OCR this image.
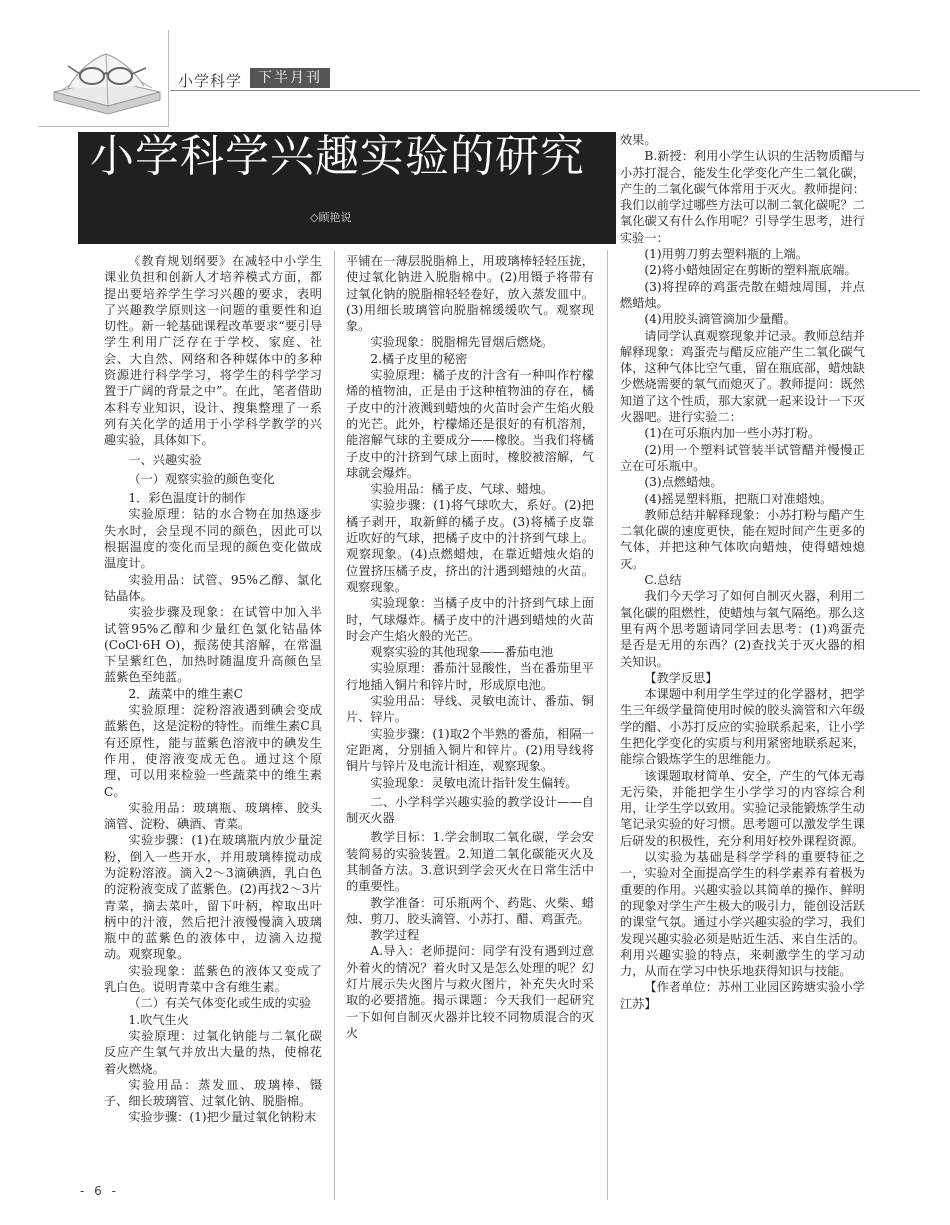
小学科学	下半月刊
小学科学兴趣实验的研究
◇顾艳说

《教育规划纲要》在减轻中小学生课业负担和创新人才培养模式方面，都提出要培养学生学习兴趣的要求，表明了兴趣教学原则这一问题的重要性和迫切性。新一轮基础课程改革要求“要引导学生利用广泛存在于学校、家庭、社会、大自然、网络和各种媒体中的多种资源进行科学学习，将学生的科学学习置于广阔的背景之中”。在此，笔者借助本科专业知识，设计、搜集整理了一系列有关化学的适用于小学科学教学的兴趣实验，具体如下。

一、兴趣实验

（一）观察实验的颜色变化

1．彩色温度计的制作

实验原理：钴的水合物在加热逐步失水时，会呈现不同的颜色，因此可以根据温度的变化而呈现的颜色变化做成温度计。

实验用品：试管、95%乙醇、氯化钴晶体。

实验步骤及现象：在试管中加入半试管95%乙醇和少量红色氯化钴晶体(CoCl·6H O)，振荡使其溶解，在常温下呈紫红色，加热时随温度升高颜色呈蓝紫色至纯蓝。

2．蔬菜中的维生素C

实验原理：淀粉溶液遇到碘会变成蓝紫色，这是淀粉的特性。而维生素C具有还原性，能与蓝紫色溶液中的碘发生作用，使溶液变成无色。通过这个原理，可以用来检验一些蔬菜中的维生素C。

实验用品：玻璃瓶、玻璃棒、胶头滴管、淀粉、碘酒、青菜。

实验步骤：(1)在玻璃瓶内放少量淀粉，倒入一些开水，并用玻璃棒搅动成为淀粉溶液。滴入2～3滴碘酒，乳白色的淀粉液变成了蓝紫色。(2)再找2～3片青菜，摘去菜叶，留下叶柄，榨取出叶柄中的汁液，然后把汁液慢慢滴入玻璃瓶中的蓝紫色的液体中，边滴入边搅动。观察现象。

实验现象：蓝紫色的液体又变成了乳白色。说明青菜中含有维生素。

（二）有关气体变化或生成的实验

1.吹气生火

实验原理：过氧化钠能与二氧化碳反应产生氧气并放出大量的热，使棉花着火燃烧。

实验用品：蒸发皿、玻璃棒、镊子、细长玻璃管、过氧化钠、脱脂棉。

实验步骤：(1)把少量过氧化钠粉末

平铺在一薄层脱脂棉上，用玻璃棒轻轻压拢，使过氧化钠进入脱脂棉中。(2)用镊子将带有过氧化钠的脱脂棉轻轻卷好，放入蒸发皿中。(3)用细长玻璃管向脱脂棉缓缓吹气。观察现象。

实验现象：脱脂棉先冒烟后燃烧。

2.橘子皮里的秘密

实验原理：橘子皮的汁含有一种叫作柠檬烯的植物油，正是由于这种植物油的存在，橘子皮中的汁液溅到蜡烛的火苗时会产生焰火般的光芒。此外，柠檬烯还是很好的有机溶剂，能溶解气球的主要成分——橡胶。当我们将橘子皮中的汁挤到气球上面时，橡胶被溶解，气球就会爆炸。

实验用品：橘子皮、气球、蜡烛。

实验步骤：(1)将气球吹大，系好。(2)把橘子剥开，取新鲜的橘子皮。(3)将橘子皮靠近吹好的气球，把橘子皮中的汁挤到气球上。观察现象。(4)点燃蜡烛，在靠近蜡烛火焰的位置挤压橘子皮，挤出的汁遇到蜡烛的火苗。观察现象。

实验现象：当橘子皮中的汁挤到气球上面时，气球爆炸。橘子皮中的汁遇到蜡烛的火苗时会产生焰火般的光芒。

观察实验的其他现象——番茄电池

实验原理：番茄汁显酸性，当在番茄里平行地插入铜片和锌片时，形成原电池。

实验用品：导线、灵敏电流计、番茄、铜片、锌片。

实验步骤：(1)取2个半熟的番茄，相隔一定距离，分别插入铜片和锌片。(2)用导线将铜片与锌片及电流计相连，观察现象。

实验现象：灵敏电流计指针发生偏转。

二、小学科学兴趣实验的教学设计——自制灭火器

教学目标：1.学会制取二氧化碳，学会安装简易的实验装置。2.知道二氧化碳能灭火及其制备方法。3.意识到学会灭火在日常生活中的重要性。

教学准备：可乐瓶两个、药匙、火柴、蜡烛、剪刀、胶头滴管、小苏打、醋、鸡蛋壳。

教学过程

A.导入：老师提问：同学有没有遇到过意外着火的情况？着火时又是怎么处理的呢？幻灯片展示失火图片与救火图片，补充失火时采取的必要措施。揭示课题：今天我们一起研究一下如何自制灭火器并比较不同物质混合的灭火

效果。

B.新授：利用小学生认识的生活物质醋与小苏打混合，能发生化学变化产生二氧化碳，产生的二氧化碳气体常用于灭火。教师提问：我们以前学过哪些方法可以制二氧化碳呢？二氧化碳又有什么作用呢？引导学生思考，进行实验一：

(1)用剪刀剪去塑料瓶的上端。

(2)将小蜡烛固定在剪断的塑料瓶底端。

(3)将捏碎的鸡蛋壳散在蜡烛周围，并点燃蜡烛。

(4)用胶头滴管滴加少量醋。

请同学认真观察现象并记录。教师总结并解释现象：鸡蛋壳与醋反应能产生二氧化碳气体，这种气体比空气重，留在瓶底部，蜡烛缺少燃烧需要的氧气而熄灭了。教师提问：既然知道了这个性质，那大家就一起来设计一下灭火器吧。进行实验二：

(1)在可乐瓶内加一些小苏打粉。

(2)用一个塑料试管装半试管醋并慢慢正立在可乐瓶中。

(3)点燃蜡烛。

(4)摇晃塑料瓶，把瓶口对准蜡烛。

教师总结并解释现象：小苏打粉与醋产生二氧化碳的速度更快，能在短时间产生更多的气体，并把这种气体吹向蜡烛，使得蜡烛熄灭。

C.总结

我们今天学习了如何自制灭火器，利用二氧化碳的阻燃性，使蜡烛与氧气隔绝。那么这里有两个思考题请同学回去思考：(1)鸡蛋壳是否是无用的东西？(2)查找关于灭火器的相关知识。

【教学反思】

本课题中利用学生学过的化学器材，把学生三年级学量筒使用时候的胶头滴管和六年级学的醋、小苏打反应的实验联系起来，让小学生把化学变化的实质与利用紧密地联系起来，能综合锻炼学生的思维能力。

该课题取材简单、安全，产生的气体无毒无污染，并能把学生小学学习的内容综合利用，让学生学以致用。实验记录能锻炼学生动笔记录实验的好习惯。思考题可以激发学生课后研发的积极性，充分利用好校外课程资源。

以实验为基础是科学学科的重要特征之一，实验对全面提高学生的科学素养有着极为重要的作用。兴趣实验以其简单的操作、鲜明的现象对学生产生极大的吸引力，能创设活跃的课堂气氛。通过小学兴趣实验的学习，我们发现兴趣实验必须是贴近生活、来自生活的。利用兴趣实验的特点，来刺激学生的学习动力，从而在学习中快乐地获得知识与技能。

【作者单位：苏州工业园区跨塘实验小学 江苏】

- 6 -
